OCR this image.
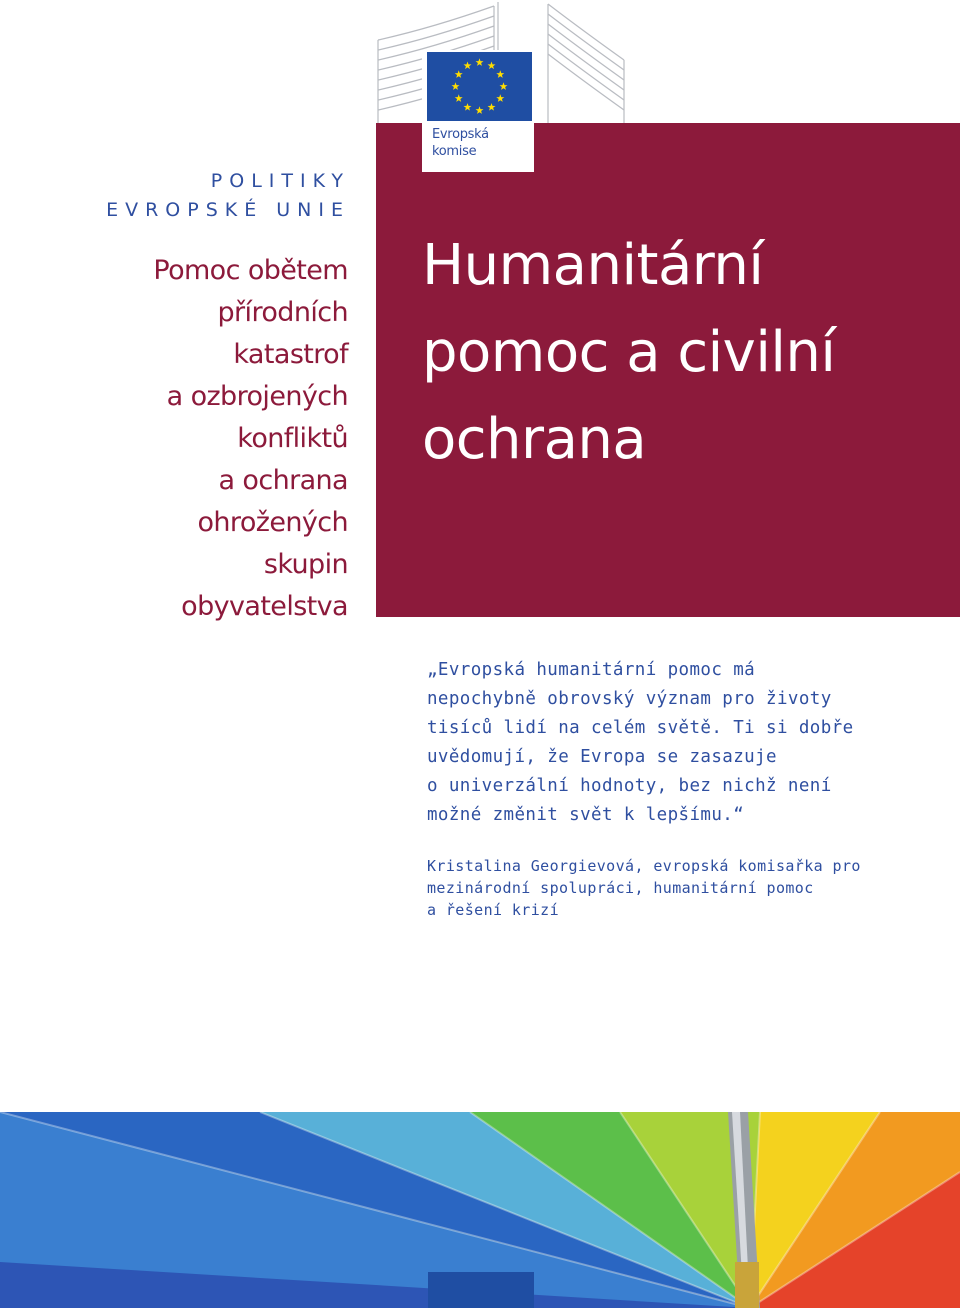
Evropská
komise
POLITIKY
EVROPSKÉ UNIE
Pomoc obětem
přírodních
katastrof
a ozbrojených
konfliktů
a ochrana
ohrožených
skupin
obyvatelstva
Humanitární
pomoc a civilní
ochrana
„Evropská humanitární pomoc má
nepochybně obrovský význam pro životy
tisíců lidí na celém světě. Ti si dobře
uvědomují, že Evropa se zasazuje
o univerzální hodnoty, bez nichž není
možné změnit svět k lepšímu.“

Kristalina Georgievová, evropská komisařka pro
mezinárodní spolupráci, humanitární pomoc
a řešení krizí
